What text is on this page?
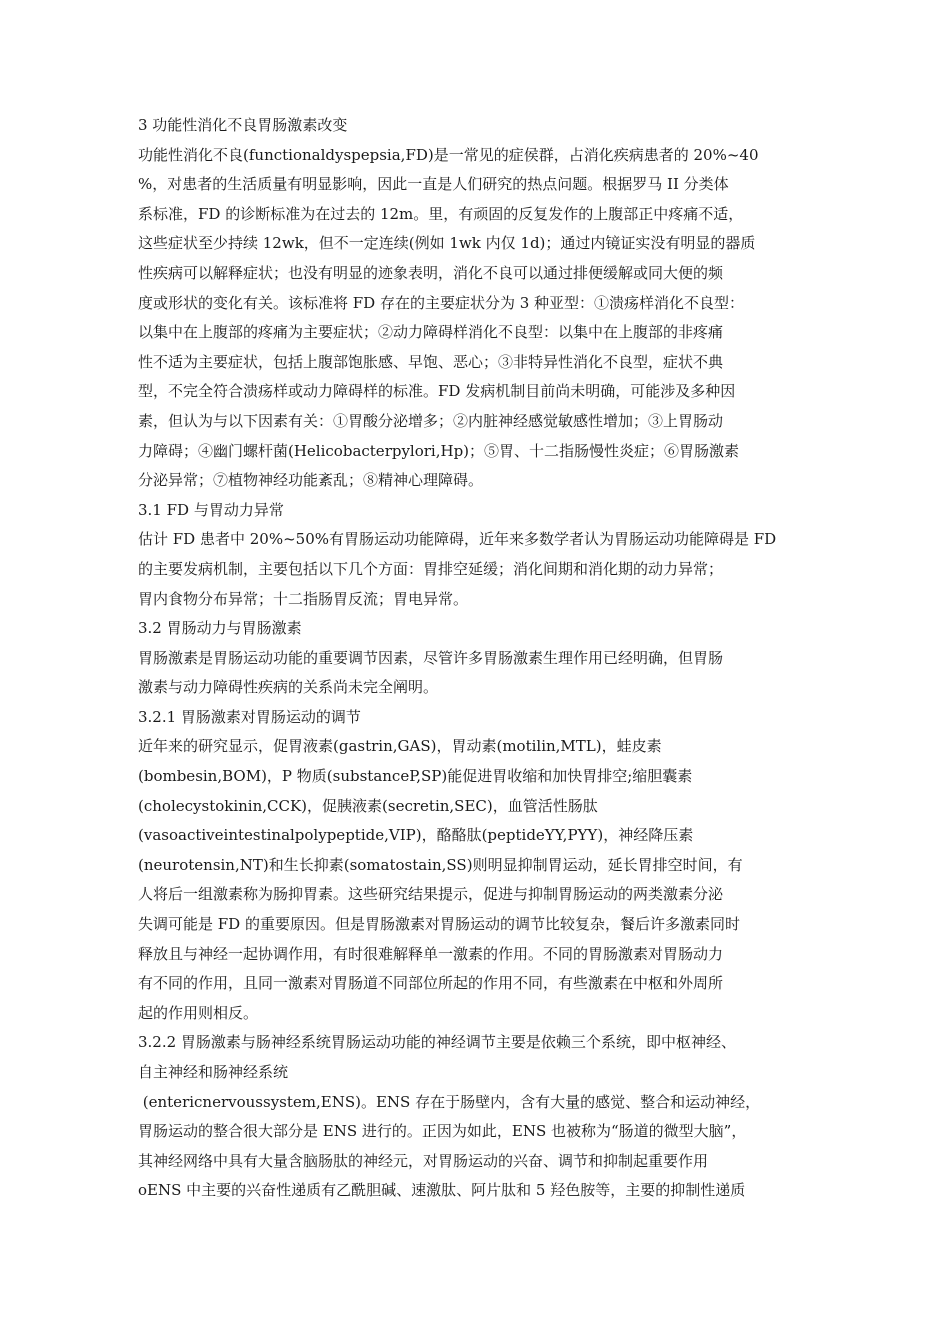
3 功能性消化不良胃肠激素改变
功能性消化不良(functionaldyspepsia,FD)是一常见的症侯群，占消化疾病患者的 20%~40
%，对患者的生活质量有明显影响，因此一直是人们研究的热点问题。根据罗马 II 分类体
系标准，FD 的诊断标准为在过去的 12m。里，有顽固的反复发作的上腹部正中疼痛不适，
这些症状至少持续 12wk，但不一定连续(例如 1wk 内仅 1d)；通过内镜证实没有明显的器质
性疾病可以解释症状；也没有明显的迹象表明，消化不良可以通过排便缓解或同大便的频
度或形状的变化有关。该标准将 FD 存在的主要症状分为 3 种亚型：①溃疡样消化不良型：
以集中在上腹部的疼痛为主要症状；②动力障碍样消化不良型：以集中在上腹部的非疼痛
性不适为主要症状，包括上腹部饱胀感、早饱、恶心；③非特异性消化不良型，症状不典
型，不完全符合溃疡样或动力障碍样的标准。FD 发病机制目前尚未明确，可能涉及多种因
素，但认为与以下因素有关：①胃酸分泌增多；②内脏神经感觉敏感性增加；③上胃肠动
力障碍；④幽门螺杆菌(Helicobacterpylori,Hp)；⑤胃、十二指肠慢性炎症；⑥胃肠激素
分泌异常；⑦植物神经功能紊乱；⑧精神心理障碍。
3.1 FD 与胃动力异常
估计 FD 患者中 20%~50%有胃肠运动功能障碍，近年来多数学者认为胃肠运动功能障碍是 FD
的主要发病机制，主要包括以下几个方面：胃排空延缓；消化间期和消化期的动力异常；
胃内食物分布异常；十二指肠胃反流；胃电异常。
3.2 胃肠动力与胃肠激素
胃肠激素是胃肠运动功能的重要调节因素，尽管许多胃肠激素生理作用已经明确，但胃肠
激素与动力障碍性疾病的关系尚未完全阐明。
3.2.1 胃肠激素对胃肠运动的调节
近年来的研究显示，促胃液素(gastrin,GAS)，胃动素(motilin,MTL)，蛙皮素
(bombesin,BOM)，P 物质(substanceP,SP)能促进胃收缩和加快胃排空;缩胆囊素
(cholecystokinin,CCK)，促胰液素(secretin,SEC)，血管活性肠肽
(vasoactiveintestinalpolypeptide,VIP)，酪酪肽(peptideYY,PYY)，神经降压素
(neurotensin,NT)和生长抑素(somatostain,SS)则明显抑制胃运动，延长胃排空时间，有
人将后一组激素称为肠抑胃素。这些研究结果提示，促进与抑制胃肠运动的两类激素分泌
失调可能是 FD 的重要原因。但是胃肠激素对胃肠运动的调节比较复杂，餐后许多激素同时
释放且与神经一起协调作用，有时很难解释单一激素的作用。不同的胃肠激素对胃肠动力
有不同的作用，且同一激素对胃肠道不同部位所起的作用不同，有些激素在中枢和外周所
起的作用则相反。
3.2.2 胃肠激素与肠神经系统胃肠运动功能的神经调节主要是依赖三个系统，即中枢神经、
自主神经和肠神经系统
(entericnervoussystem,ENS)。ENS 存在于肠壁内，含有大量的感觉、整合和运动神经，
胃肠运动的整合很大部分是 ENS 进行的。正因为如此，ENS 也被称为“肠道的微型大脑”，
其神经网络中具有大量含脑肠肽的神经元，对胃肠运动的兴奋、调节和抑制起重要作用
oENS 中主要的兴奋性递质有乙酰胆碱、速激肽、阿片肽和 5 羟色胺等，主要的抑制性递质
